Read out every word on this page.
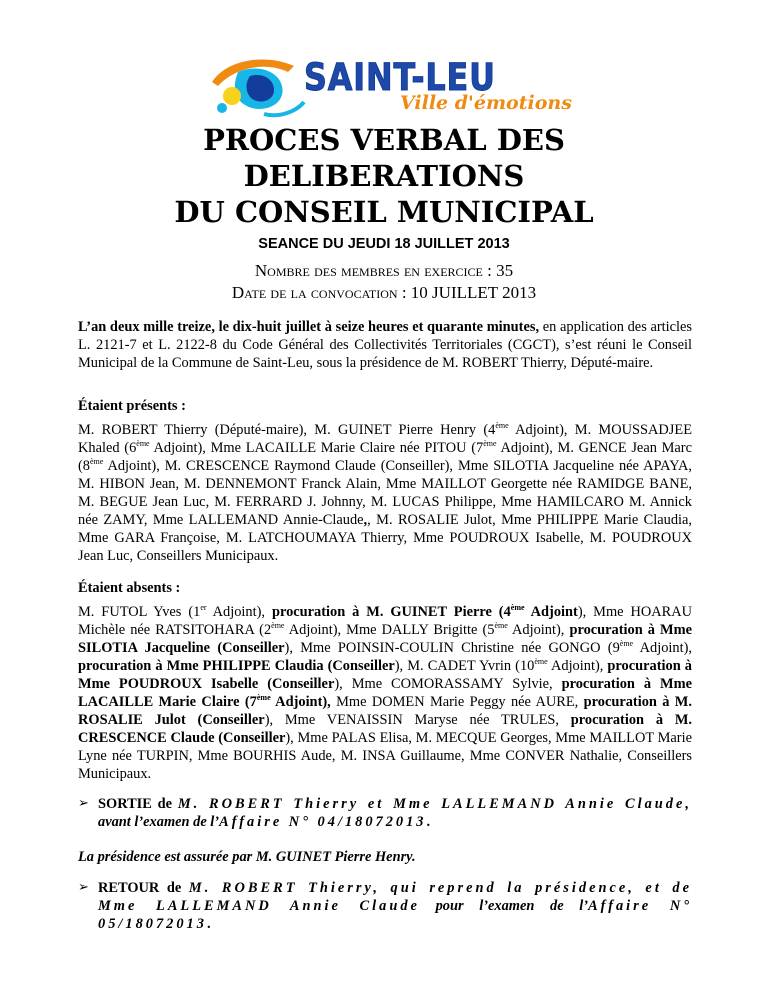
SAINT-LEU
Ville d'émotions
PROCES VERBAL DES
DELIBERATIONS
DU CONSEIL MUNICIPAL
SEANCE DU JEUDI 18 JUILLET 2013
Nombre des membres en exercice : 35
Date de la convocation : 10 JUILLET 2013

L’an deux mille treize, le dix-huit juillet à seize heures et quarante minutes, en application des articles L. 2121-7 et L. 2122-8 du Code Général des Collectivités Territoriales (CGCT), s’est réuni le Conseil Municipal de la Commune de Saint-Leu, sous la présidence de M. ROBERT Thierry, Député-maire.

Étaient présents :

M. ROBERT Thierry (Député-maire), M. GUINET Pierre Henry (4ème Adjoint), M. MOUSSADJEE Khaled (6ème Adjoint), Mme LACAILLE Marie Claire née PITOU (7ème Adjoint), M. GENCE Jean Marc (8ème Adjoint), M. CRESCENCE Raymond Claude (Conseiller), Mme SILOTIA Jacqueline née APAYA, M. HIBON Jean, M. DENNEMONT Franck Alain, Mme MAILLOT Georgette née RAMIDGE BANE, M. BEGUE Jean Luc, M. FERRARD J. Johnny, M. LUCAS Philippe, Mme HAMILCARO M. Annick née ZAMY, Mme LALLEMAND Annie-Claude,, M. ROSALIE Julot, Mme PHILIPPE Marie Claudia, Mme GARA Françoise, M. LATCHOUMAYA Thierry, Mme POUDROUX Isabelle, M. POUDROUX Jean Luc, Conseillers Municipaux.

Étaient absents :

M. FUTOL Yves (1er Adjoint), procuration à M. GUINET Pierre (4ème Adjoint), Mme HOARAU Michèle née RATSITOHARA (2ème Adjoint), Mme DALLY Brigitte (5ème Adjoint), procuration à Mme SILOTIA Jacqueline (Conseiller), Mme POINSIN-COULIN Christine née GONGO (9ème Adjoint), procuration à Mme PHILIPPE Claudia (Conseiller), M. CADET Yvrin (10ème Adjoint), procuration à Mme POUDROUX Isabelle (Conseiller), Mme COMORASSAMY Sylvie, procuration à Mme LACAILLE Marie Claire (7ème Adjoint), Mme DOMEN Marie Peggy née AURE, procuration à M. ROSALIE Julot (Conseiller), Mme VENAISSIN Maryse née TRULES, procuration à M. CRESCENCE Claude (Conseiller), Mme PALAS Elisa, M. MECQUE Georges, Mme MAILLOT Marie Lyne née TURPIN, Mme BOURHIS Aude, M. INSA Guillaume, Mme CONVER Nathalie, Conseillers Municipaux.

➢ SORTIE de M. ROBERT Thierry et Mme LALLEMAND Annie Claude, avant l’examen de l’Affaire N° 04/18072013.

La présidence est assurée par M. GUINET Pierre Henry.

➢ RETOUR de M. ROBERT Thierry, qui reprend la présidence, et de Mme LALLEMAND Annie Claude pour l’examen de l’Affaire N° 05/18072013.
